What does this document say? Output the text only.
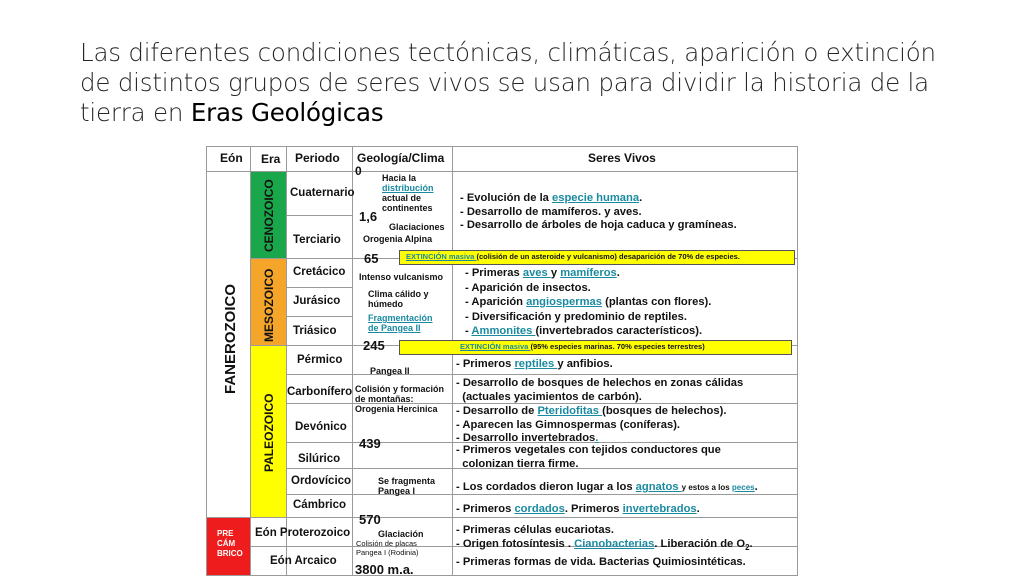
Las diferentes condiciones tectónicas, climáticas, aparición o extinción
de distintos grupos de seres vivos se usan para dividir la historia de la
tierra en Eras Geológicas
Eón Era Periodo Geología/Clima	Seres Vivos
FANEROZOICO
CENOZOICO
MESOZOICO
PALEOZOICO
PRE
CÁM
BRICO
Cuaternario
Terciario
Cretácico
Jurásico
Triásico
Pérmico
Carbonífero
Devónico
Silúrico
Ordovícico
Cámbrico
Eón Proterozoico
Eón Arcaico
0
1,6
65
245
439
570
3800 m.a.
Hacia la
distribución
actual de
continentes
Glaciaciones
Orogenia Alpina
Intenso vulcanismo
Clima cálido y
húmedo
Fragmentación
de Pangea II
Pangea II
Colisión y formación
de montañas:
Orogenia Hercinica
Se fragmenta
Pangea I
Glaciación
Colisión de placas
Pangea I (Rodinia)
EXTINCIÓN masiva (colisión de un asteroide y vulcanismo) desaparición de 70% de especies.
EXTINCIÓN masiva (95% especies marinas. 70% especies terrestres)
- Evolución de la especie humana.
- Desarrollo de mamíferos. y aves.
- Desarrollo de árboles de hoja caduca y gramíneas.
- Primeras aves y mamíferos.
- Aparición de insectos.
- Aparición angiospermas (plantas con flores).
- Diversificación y predominio de reptiles.
- Ammonites (invertebrados característicos).
- Primeros reptiles y anfibios.
- Desarrollo de bosques de helechos en zonas cálidas
(actuales yacimientos de carbón).
- Desarrollo de Pteridofitas (bosques de helechos).
- Aparecen las Gimnospermas (coníferas).
- Desarrollo invertebrados.
- Primeros vegetales con tejidos conductores que
colonizan tierra firme.
- Los cordados dieron lugar a los agnatos y estos a los peces.
- Primeros cordados. Primeros invertebrados.
- Primeras células eucariotas.
- Origen fotosíntesis . Cianobacterias. Liberación de $O_2$.
- Primeras formas de vida. Bacterias Quimiosintéticas.
